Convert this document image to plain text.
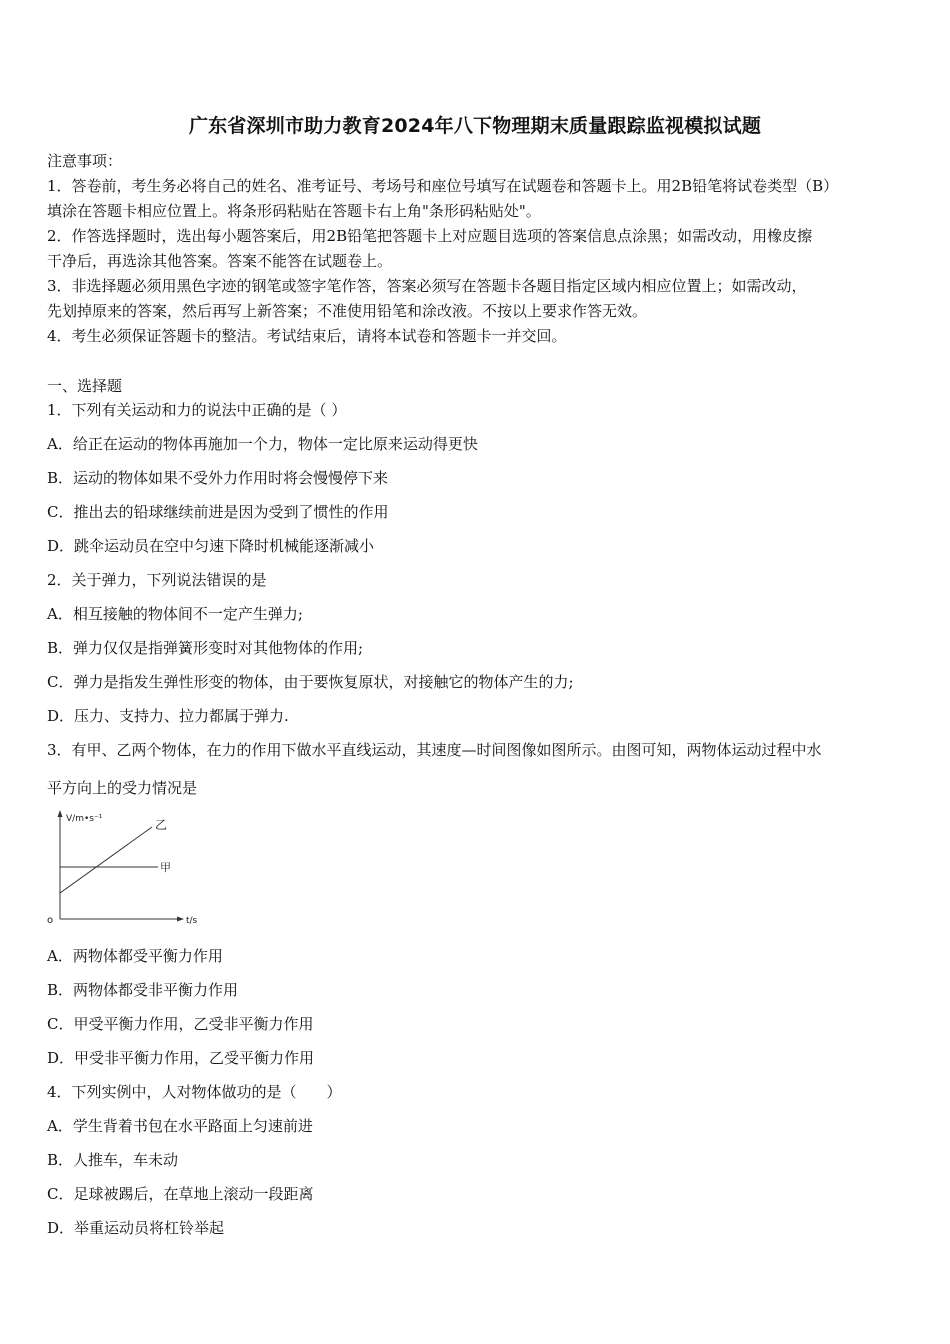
广东省深圳市助力教育2024年八下物理期末质量跟踪监视模拟试题
注意事项：
1．答卷前，考生务必将自己的姓名、准考证号、考场号和座位号填写在试题卷和答题卡上。用2B铅笔将试卷类型（B）
填涂在答题卡相应位置上。将条形码粘贴在答题卡右上角"条形码粘贴处"。
2．作答选择题时，选出每小题答案后，用2B铅笔把答题卡上对应题目选项的答案信息点涂黑；如需改动，用橡皮擦
干净后，再选涂其他答案。答案不能答在试题卷上。
3．非选择题必须用黑色字迹的钢笔或签字笔作答，答案必须写在答题卡各题目指定区域内相应位置上；如需改动，
先划掉原来的答案，然后再写上新答案；不准使用铅笔和涂改液。不按以上要求作答无效。
4．考生必须保证答题卡的整洁。考试结束后，请将本试卷和答题卡一并交回。
一、选择题
1．下列有关运动和力的说法中正确的是（ ）
A．给正在运动的物体再施加一个力，物体一定比原来运动得更快
B．运动的物体如果不受外力作用时将会慢慢停下来
C．推出去的铅球继续前进是因为受到了惯性的作用
D．跳伞运动员在空中匀速下降时机械能逐渐减小
2．关于弹力，下列说法错误的是
A．相互接触的物体间不一定产生弹力;
B．弹力仅仅是指弹簧形变时对其他物体的作用;
C．弹力是指发生弹性形变的物体，由于要恢复原状，对接触它的物体产生的力;
D．压力、支持力、拉力都属于弹力.
3．有甲、乙两个物体，在力的作用下做水平直线运动，其速度—时间图像如图所示。由图可知，两物体运动过程中水
平方向上的受力情况是
V/m•s⁻¹
t/s
o
乙
甲
A．两物体都受平衡力作用
B．两物体都受非平衡力作用
C．甲受平衡力作用，乙受非平衡力作用
D．甲受非平衡力作用，乙受平衡力作用
4．下列实例中，人对物体做功的是（　　）
A．学生背着书包在水平路面上匀速前进
B．人推车，车未动
C．足球被踢后，在草地上滚动一段距离
D．举重运动员将杠铃举起
